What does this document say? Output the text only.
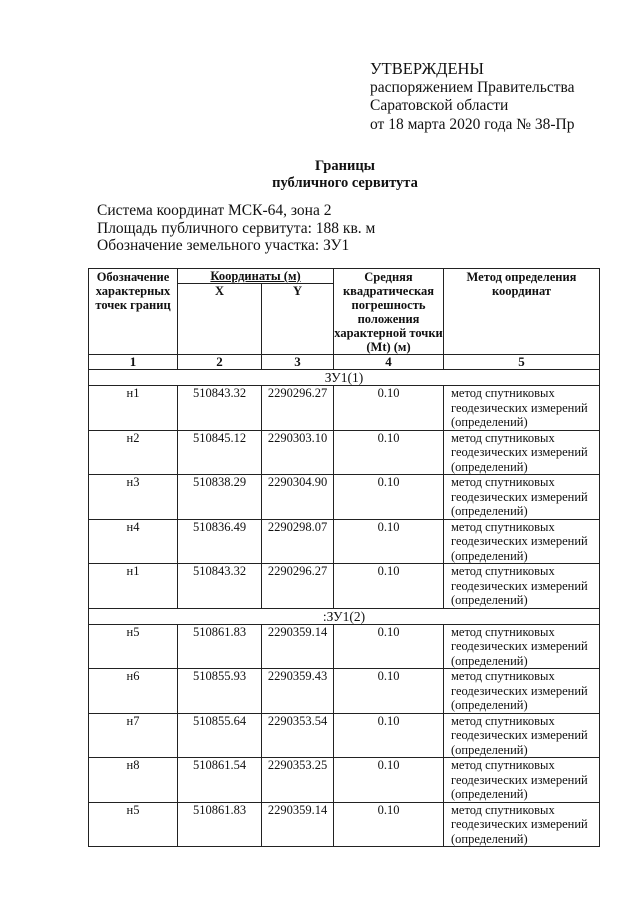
УТВЕРЖДЕНЫ
распоряжением Правительства
Саратовской области
от 18 марта 2020 года № 38-Пр
Границы
публичного сервитута
Система координат МСК-64, зона 2
Площадь публичного сервитута: 188 кв. м
Обозначение земельного участка: ЗУ1
Обозначение характерных точек границ	Координаты (м)		Средняя квадратическая погрешность положения характерной точки (Mt) (м)	Метод определения координат
	X	Y		
1	2	3	4	5
ЗУ1(1)				
н1	510843.32	2290296.27	0.10	метод спутниковых геодезических измерений (определений)
н2	510845.12	2290303.10	0.10	метод спутниковых геодезических измерений (определений)
н3	510838.29	2290304.90	0.10	метод спутниковых геодезических измерений (определений)
н4	510836.49	2290298.07	0.10	метод спутниковых геодезических измерений (определений)
н1	510843.32	2290296.27	0.10	метод спутниковых геодезических измерений (определений)
:ЗУ1(2)				
н5	510861.83	2290359.14	0.10	метод спутниковых геодезических измерений (определений)
н6	510855.93	2290359.43	0.10	метод спутниковых геодезических измерений (определений)
н7	510855.64	2290353.54	0.10	метод спутниковых геодезических измерений (определений)
н8	510861.54	2290353.25	0.10	метод спутниковых геодезических измерений (определений)
н5	510861.83	2290359.14	0.10	метод спутниковых геодезических измерений (определений)
